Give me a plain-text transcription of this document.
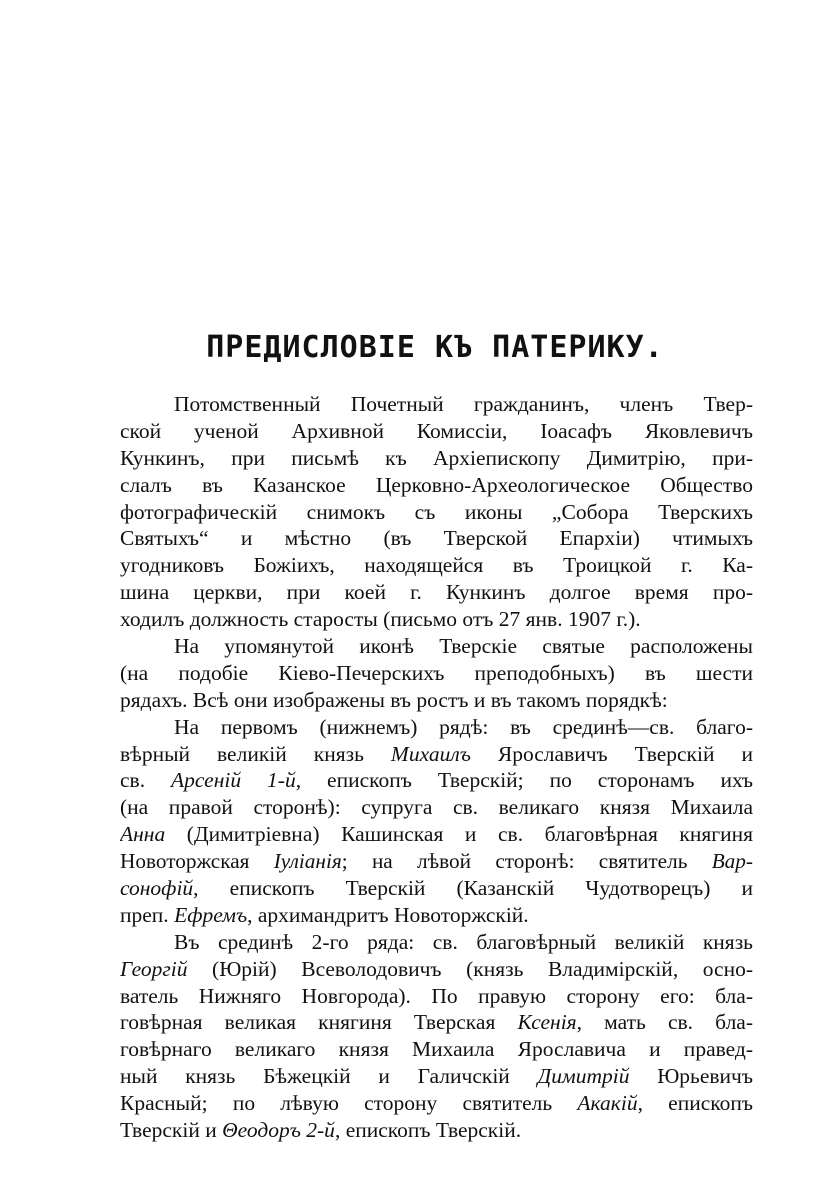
ПРЕДИСЛОВІЕ КЪ ПАТЕРИКУ.
Потомственный Почетный гражданинъ, членъ Твер-
ской ученой Архивной Комиссіи, Іоасафъ Яковлевичъ
Кункинъ, при письмѣ къ Архіепископу Димитрію, при-
слалъ въ Казанское Церковно-Археологическое Общество
фотографическій снимокъ съ иконы „Собора Тверскихъ
Святыхъ“ и мѣстно (въ Тверской Епархіи) чтимыхъ
угодниковъ Божіихъ, находящейся въ Троицкой г. Ка-
шина церкви, при коей г. Кункинъ долгое время про-
ходилъ должность старосты (письмо отъ 27 янв. 1907 г.).
На упомянутой иконѣ Тверскіе святые расположены
(на подобіе Кіево-Печерскихъ преподобныхъ) въ шести
рядахъ. Всѣ они изображены въ ростъ и въ такомъ порядкѣ:
На первомъ (нижнемъ) рядѣ: въ срединѣ—св. благо-
вѣрный великій князь Михаилъ Ярославичъ Тверскій и
св. Арсеній 1-й, епископъ Тверскій; по сторонамъ ихъ
(на правой сторонѣ): супруга св. великаго князя Михаила
Анна (Димитріевна) Кашинская и св. благовѣрная княгиня
Новоторжская Іуліанія; на лѣвой сторонѣ: святитель Вар-
сонофій, епископъ Тверскій (Казанскій Чудотворецъ) и
преп. Ефремъ, архимандритъ Новоторжскій.
Въ срединѣ 2-го ряда: св. благовѣрный великій князь
Георгій (Юрій) Всеволодовичъ (князь Владимірскій, осно-
ватель Нижняго Новгорода). По правую сторону его: бла-
говѣрная великая княгиня Тверская Ксенія, мать св. бла-
говѣрнаго великаго князя Михаила Ярославича и правед-
ный князь Бѣжецкій и Галичскій Димитрій Юрьевичъ
Красный; по лѣвую сторону святитель Акакій, епископъ
Тверскій и Θеодоръ 2-й, епископъ Тверскій.
